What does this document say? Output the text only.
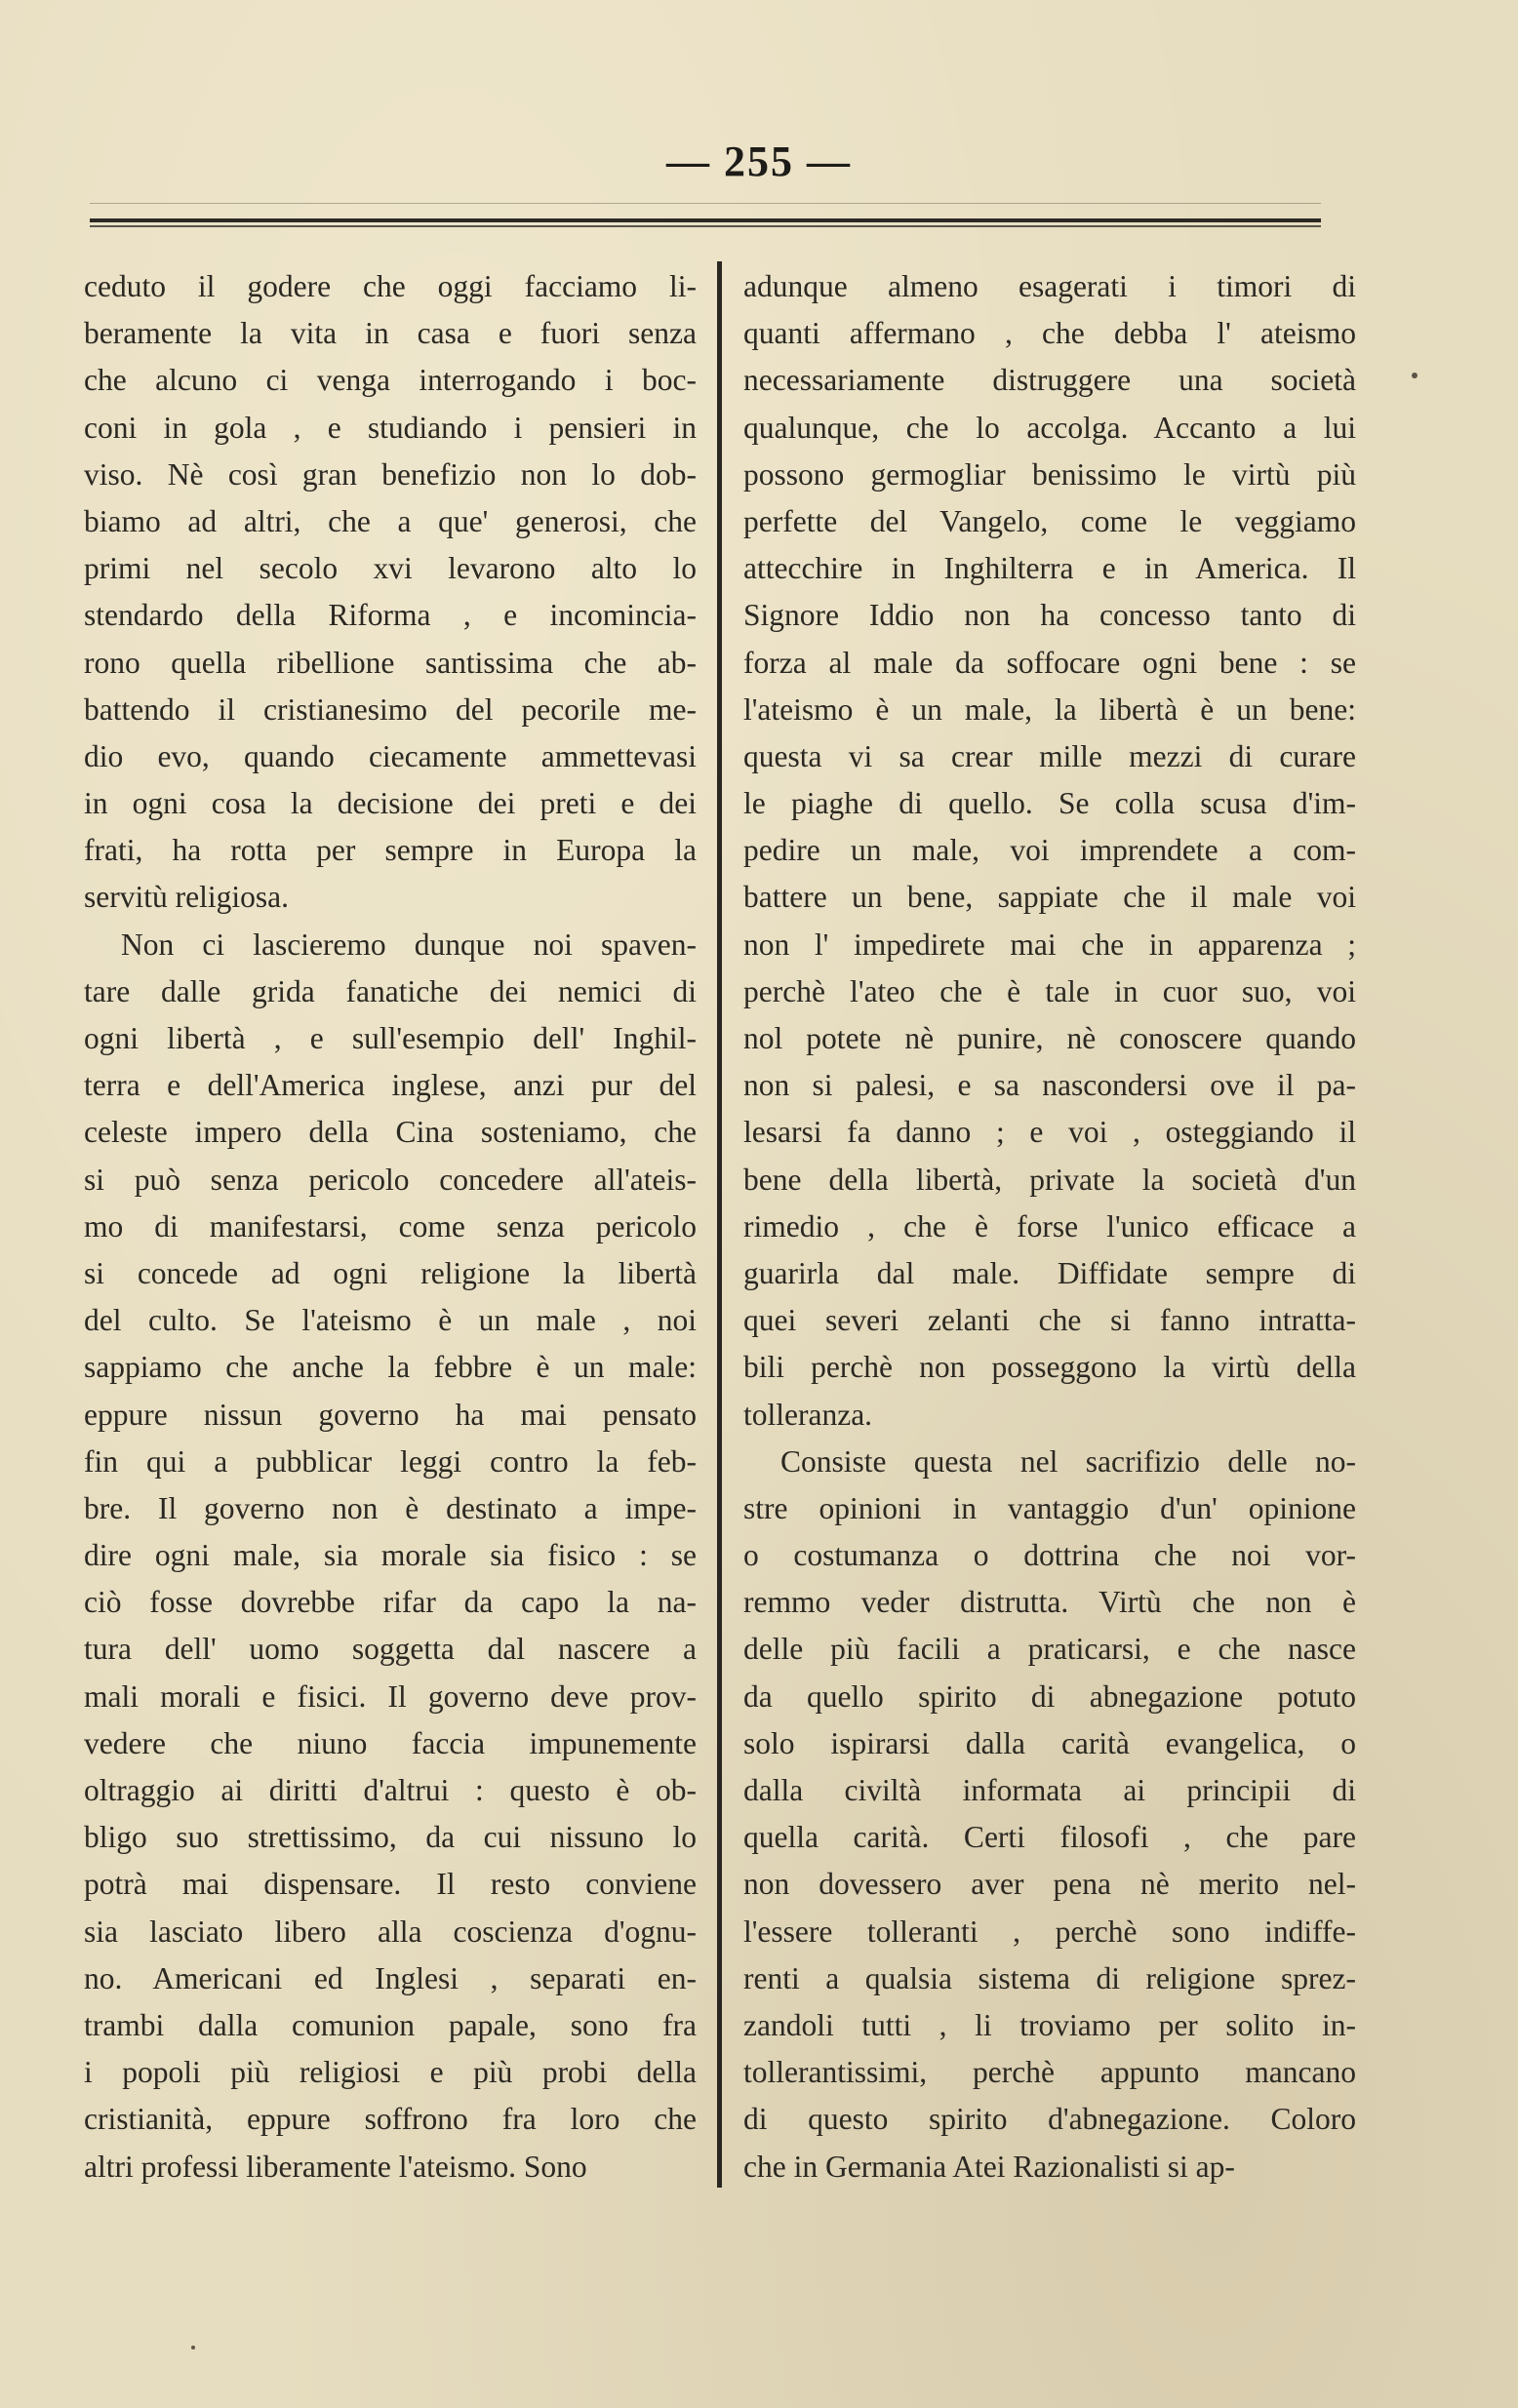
— 255 —
ceduto il godere che oggi facciamo li-
beramente la vita in casa e fuori senza
che alcuno ci venga interrogando i boc-
coni in gola , e studiando i pensieri in
viso. Nè così gran benefizio non lo dob-
biamo ad altri, che a que' generosi, che
primi nel secolo xvi levarono alto lo
stendardo della Riforma , e incomincia-
rono quella ribellione santissima che ab-
battendo il cristianesimo del pecorile me-
dio evo, quando ciecamente ammettevasi
in ogni cosa la decisione dei preti e dei
frati, ha rotta per sempre in Europa la
servitù religiosa.
Non ci lascieremo dunque noi spaven-
tare dalle grida fanatiche dei nemici di
ogni libertà , e sull'esempio dell' Inghil-
terra e dell'America inglese, anzi pur del
celeste impero della Cina sosteniamo, che
si può senza pericolo concedere all'ateis-
mo di manifestarsi, come senza pericolo
si concede ad ogni religione la libertà
del culto. Se l'ateismo è un male , noi
sappiamo che anche la febbre è un male:
eppure nissun governo ha mai pensato
fin qui a pubblicar leggi contro la feb-
bre. Il governo non è destinato a impe-
dire ogni male, sia morale sia fisico : se
ciò fosse dovrebbe rifar da capo la na-
tura dell' uomo soggetta dal nascere a
mali morali e fisici. Il governo deve prov-
vedere che niuno faccia impunemente
oltraggio ai diritti d'altrui : questo è ob-
bligo suo strettissimo, da cui nissuno lo
potrà mai dispensare. Il resto conviene
sia lasciato libero alla coscienza d'ognu-
no. Americani ed Inglesi , separati en-
trambi dalla comunion papale, sono fra
i popoli più religiosi e più probi della
cristianità, eppure soffrono fra loro che
altri professi liberamente l'ateismo. Sono
adunque almeno esagerati i timori di
quanti affermano , che debba l' ateismo
necessariamente distruggere una società
qualunque, che lo accolga. Accanto a lui
possono germogliar benissimo le virtù più
perfette del Vangelo, come le veggiamo
attecchire in Inghilterra e in America. Il
Signore Iddio non ha concesso tanto di
forza al male da soffocare ogni bene : se
l'ateismo è un male, la libertà è un bene:
questa vi sa crear mille mezzi di curare
le piaghe di quello. Se colla scusa d'im-
pedire un male, voi imprendete a com-
battere un bene, sappiate che il male voi
non l' impedirete mai che in apparenza ;
perchè l'ateo che è tale in cuor suo, voi
nol potete nè punire, nè conoscere quando
non si palesi, e sa nascondersi ove il pa-
lesarsi fa danno ; e voi , osteggiando il
bene della libertà, private la società d'un
rimedio , che è forse l'unico efficace a
guarirla dal male. Diffidate sempre di
quei severi zelanti che si fanno intratta-
bili perchè non posseggono la virtù della
tolleranza.
Consiste questa nel sacrifizio delle no-
stre opinioni in vantaggio d'un' opinione
o costumanza o dottrina che noi vor-
remmo veder distrutta. Virtù che non è
delle più facili a praticarsi, e che nasce
da quello spirito di abnegazione potuto
solo ispirarsi dalla carità evangelica, o
dalla civiltà informata ai principii di
quella carità. Certi filosofi , che pare
non dovessero aver pena nè merito nel-
l'essere tolleranti , perchè sono indiffe-
renti a qualsia sistema di religione sprez-
zandoli tutti , li troviamo per solito in-
tollerantissimi, perchè appunto mancano
di questo spirito d'abnegazione. Coloro
che in Germania Atei Razionalisti si ap-
